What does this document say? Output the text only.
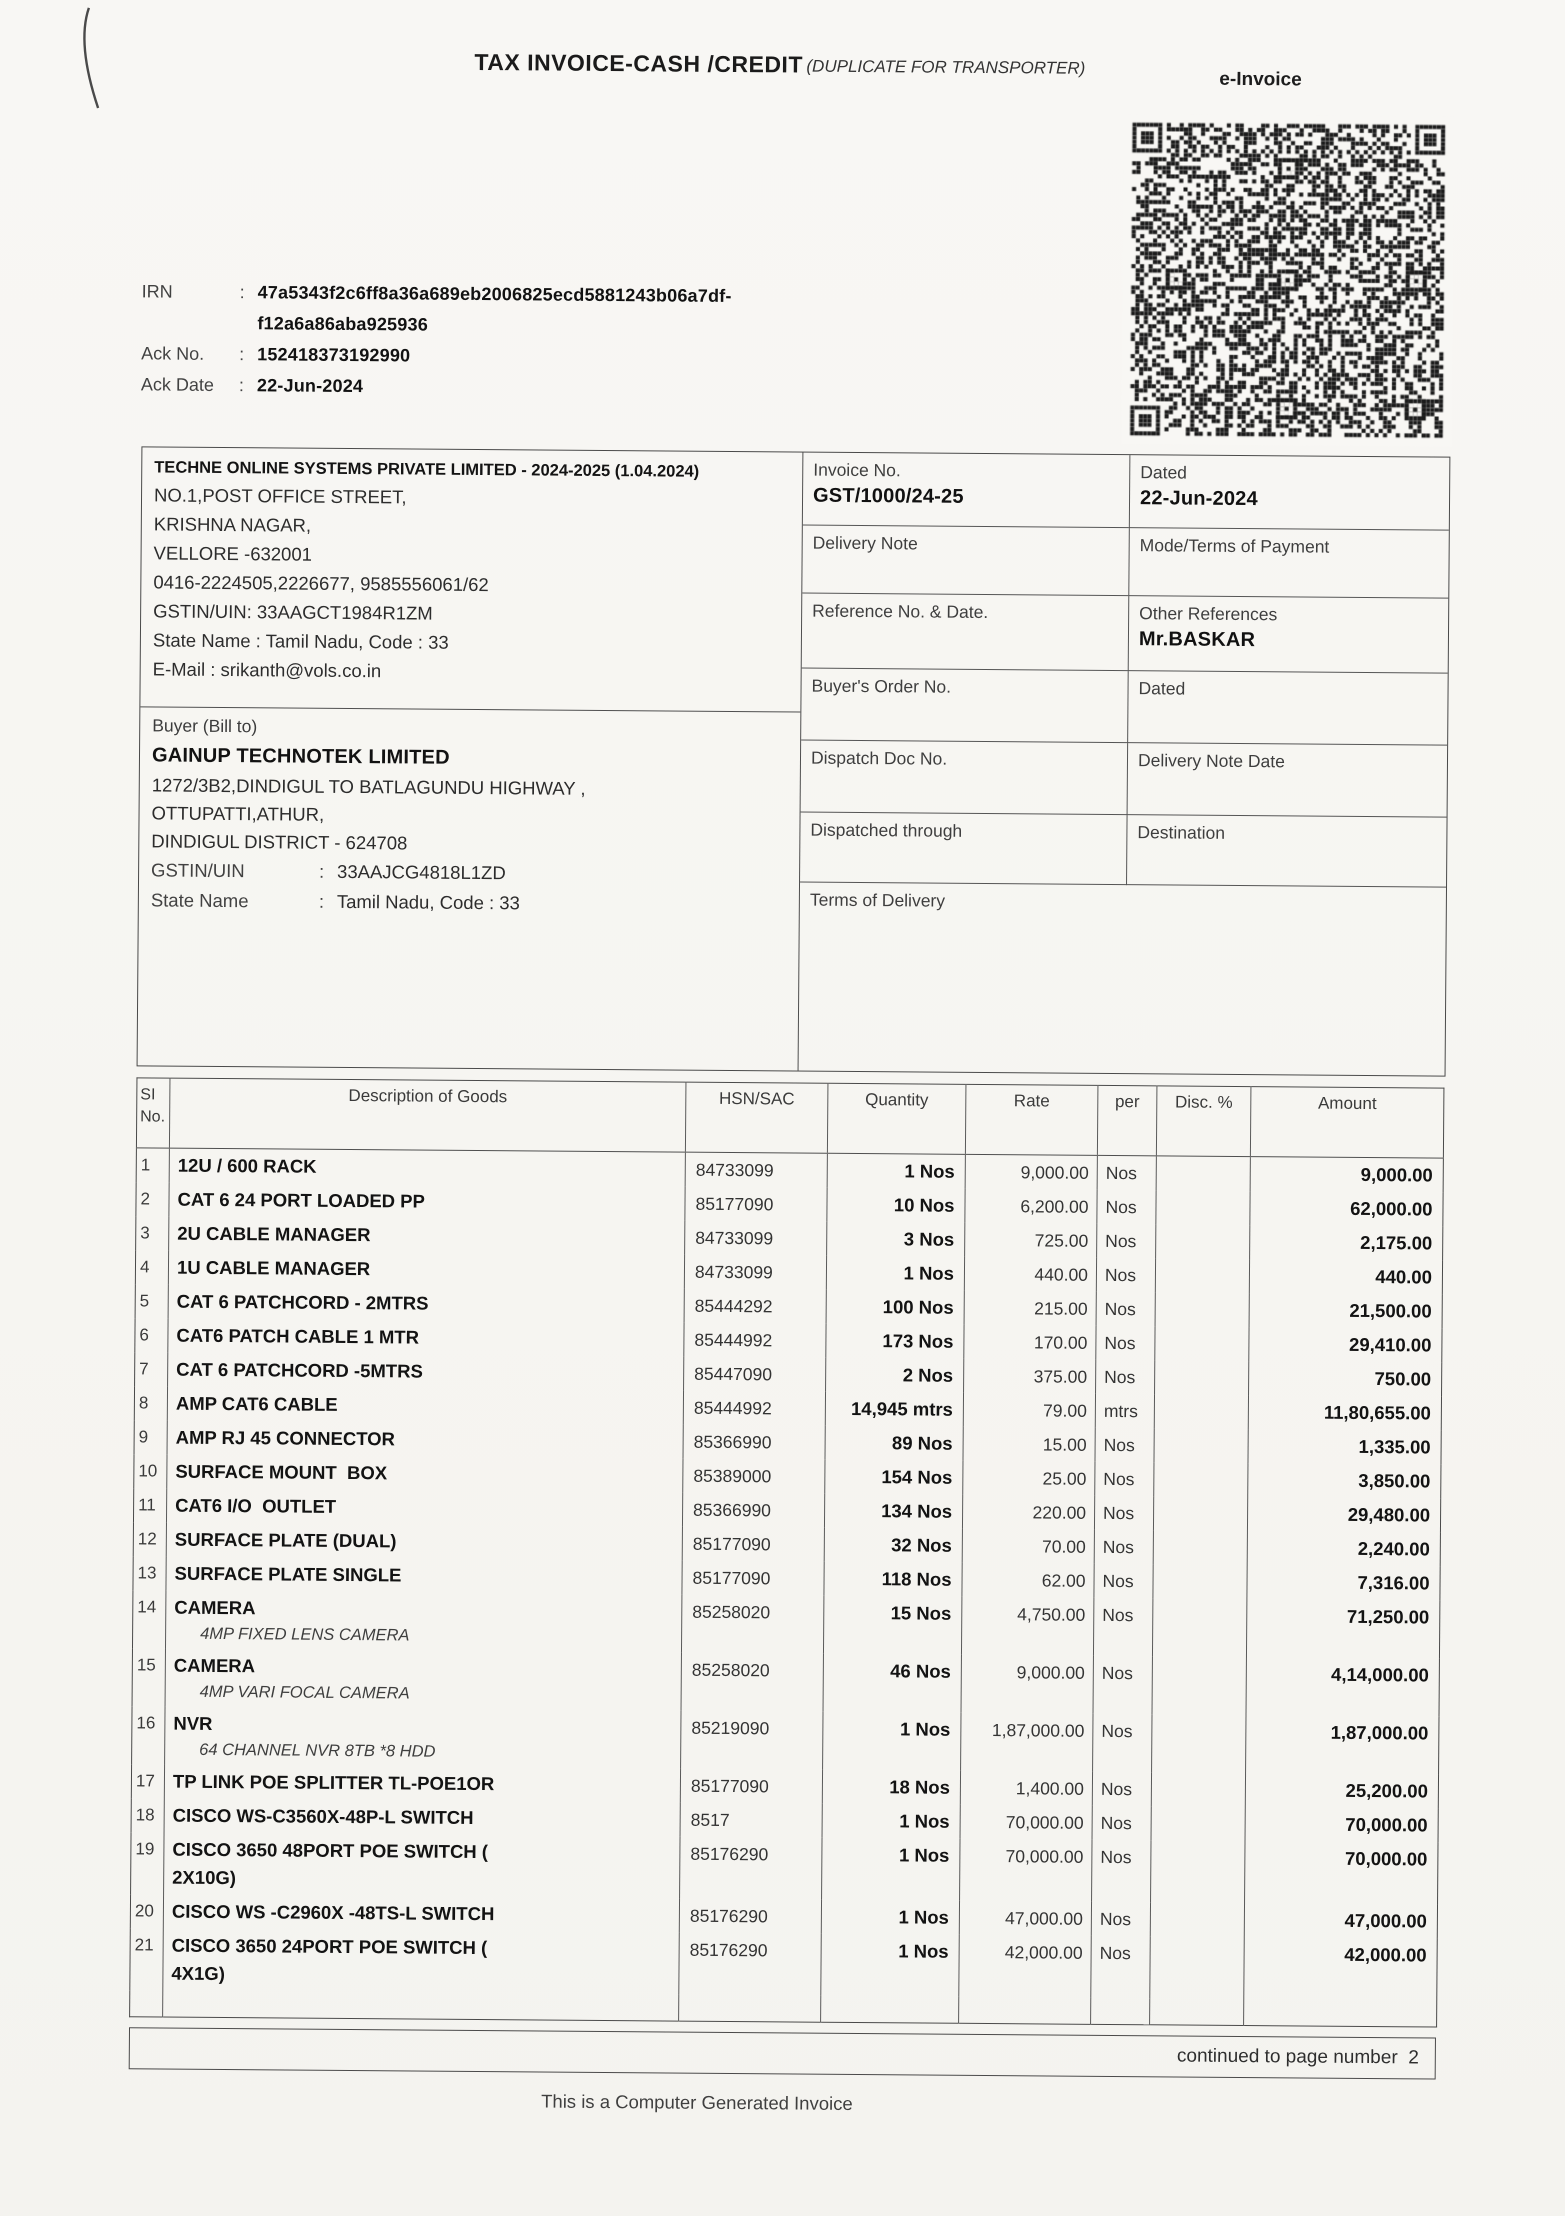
TAX INVOICE-CASH /CREDIT (DUPLICATE FOR TRANSPORTER)
e-Invoice
IRN	: 47a5343f2c6ff8a36a689eb2006825ecd5881243b06a7df-
f12a6a86aba925936
Ack No.	: 152418373192990
Ack Date	: 22-Jun-2024
TECHNE ONLINE SYSTEMS PRIVATE LIMITED - 2024-2025 (1.04.2024)
NO.1,POST OFFICE STREET,
KRISHNA NAGAR,
VELLORE -632001
0416-2224505,2226677, 9585556061/62
GSTIN/UIN: 33AAGCT1984R1ZM
State Name : Tamil Nadu, Code : 33
E-Mail : srikanth@vols.co.in
Buyer (Bill to)
GAINUP TECHNOTEK LIMITED
1272/3B2,DINDIGUL TO BATLAGUNDU HIGHWAY ,
OTTUPATTI,ATHUR,
DINDIGUL DISTRICT - 624708
GSTIN/UIN	: 33AAJCG4818L1ZD
State Name	: Tamil Nadu, Code : 33
Invoice No.
GST/1000/24-25
Dated
22-Jun-2024
Delivery Note	Mode/Terms of Payment
Reference No. & Date.	Other References
Mr.BASKAR
Buyer's Order No.	Dated
Dispatch Doc No.	Delivery Note Date
Dispatched through	Destination
Terms of Delivery
SI
No.	Description of Goods	HSN/SAC	Quantity	Rate	per	Disc. %	Amount
1	12U / 600 RACK	84733099	1 Nos	9,000.00	Nos		9,000.00
2	CAT 6 24 PORT LOADED PP	85177090	10 Nos	6,200.00	Nos		62,000.00
3	2U CABLE MANAGER	84733099	3 Nos	725.00	Nos		2,175.00
4	1U CABLE MANAGER	84733099	1 Nos	440.00	Nos		440.00
5	CAT 6 PATCHCORD - 2MTRS	85444292	100 Nos	215.00	Nos		21,500.00
6	CAT6 PATCH CABLE 1 MTR	85444992	173 Nos	170.00	Nos		29,410.00
7	CAT 6 PATCHCORD -5MTRS	85447090	2 Nos	375.00	Nos		750.00
8	AMP CAT6 CABLE	85444992	14,945 mtrs	79.00	mtrs		11,80,655.00
9	AMP RJ 45 CONNECTOR	85366990	89 Nos	15.00	Nos		1,335.00
10	SURFACE MOUNT  BOX	85389000	154 Nos	25.00	Nos		3,850.00
11	CAT6 I/O  OUTLET	85366990	134 Nos	220.00	Nos		29,480.00
12	SURFACE PLATE (DUAL)	85177090	32 Nos	70.00	Nos		2,240.00
13	SURFACE PLATE SINGLE	85177090	118 Nos	62.00	Nos		7,316.00
14	CAMERA
4MP FIXED LENS CAMERA	85258020	15 Nos	4,750.00	Nos		71,250.00
15	CAMERA
4MP VARI FOCAL CAMERA	85258020	46 Nos	9,000.00	Nos		4,14,000.00
16	NVR
64 CHANNEL NVR 8TB *8 HDD	85219090	1 Nos	1,87,000.00	Nos		1,87,000.00
17	TP LINK POE SPLITTER TL-POE1OR	85177090	18 Nos	1,400.00	Nos		25,200.00
18	CISCO WS-C3560X-48P-L SWITCH	8517	1 Nos	70,000.00	Nos		70,000.00
19	CISCO 3650 48PORT POE SWITCH (
2X10G)	85176290	1 Nos	70,000.00	Nos		70,000.00
20	CISCO WS -C2960X -48TS-L SWITCH	85176290	1 Nos	47,000.00	Nos		47,000.00
21	CISCO 3650 24PORT POE SWITCH (
4X1G)	85176290	1 Nos	42,000.00	Nos		42,000.00

continued to page number  2
This is a Computer Generated Invoice
